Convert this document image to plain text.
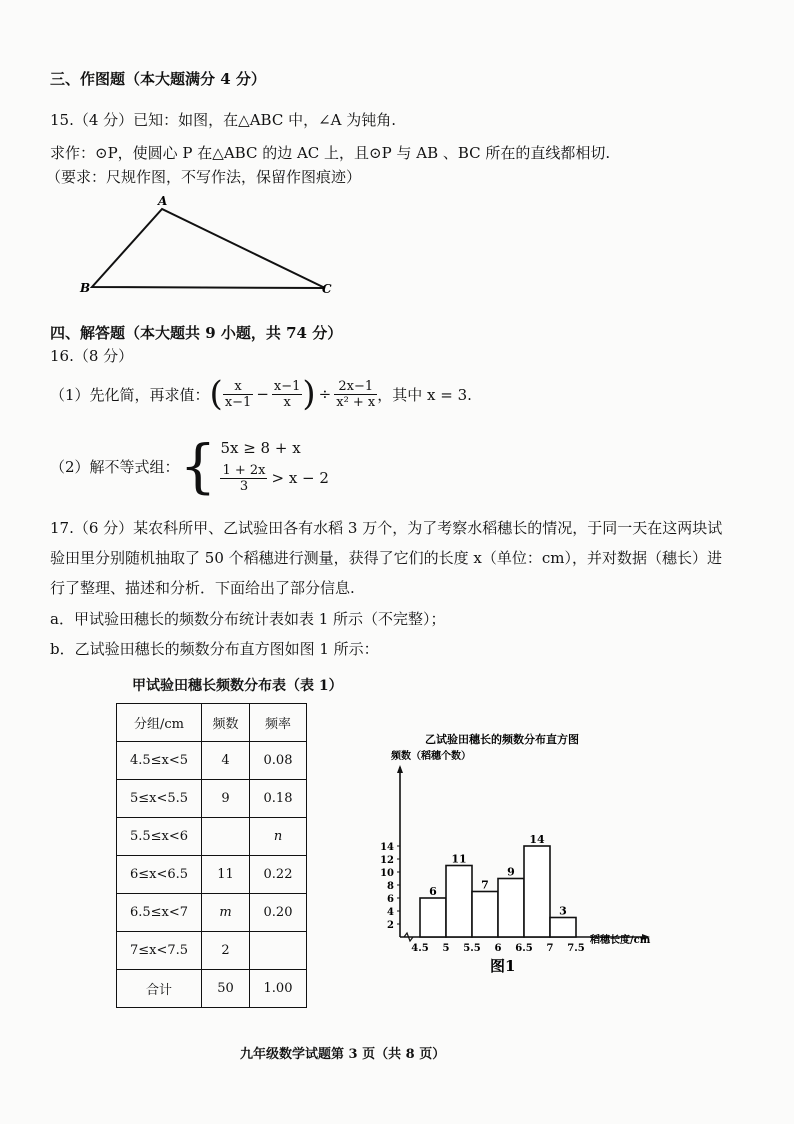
三、作图题（本大题满分 4 分）
15.（4 分）已知：如图，在△ABC 中，∠A 为钝角.
求作：⊙P，使圆心 P 在△ABC 的边 AC 上，且⊙P 与 AB 、BC 所在的直线都相切.
（要求：尺规作图，不写作法，保留作图痕迹）
A
B	C
四、解答题（本大题共 9 小题，共 74 分）
16.（8 分）
（1）先化简，再求值： ( $\frac{x}{x-1} - \frac{x-1}{x}$ ) ÷ $\frac{2x-1}{\text{x² + x}}$ ，其中 x = 3.
（2）解不等式组： { 5x ≥ 8 + x
$\frac{1 + 2x}{3} > x - 2$
17.（6 分）某农科所甲、乙试验田各有水稻 3 万个，为了考察水稻穗长的情况，于同一天在这两块试
验田里分别随机抽取了 50 个稻穗进行测量，获得了它们的长度 x（单位：cm），并对数据（穗长）进
行了整理、描述和分析．下面给出了部分信息.
a．甲试验田穗长的频数分布统计表如表 1 所示（不完整）；
b．乙试验田穗长的频数分布直方图如图 1 所示：
甲试验田穗长频数分布表（表 1）
分组/cm	频数	频率
4.5≤x<5	4	0.08
5≤x<5.5	9	0.18
5.5≤x<6		n
6≤x<6.5	11	0.22
6.5≤x<7	m	0.20
7≤x<7.5	2	
合计	50	1.00
乙试验田穗长的频数分布直方图
频数（稻穗个数）
6
11
7
9
14
3
2
4
6
8
10
12
14
4.5 5 5.5 6 6.5 7 7.5
稻穗长度/cm
图1
九年级数学试题第 3 页（共 8 页）
